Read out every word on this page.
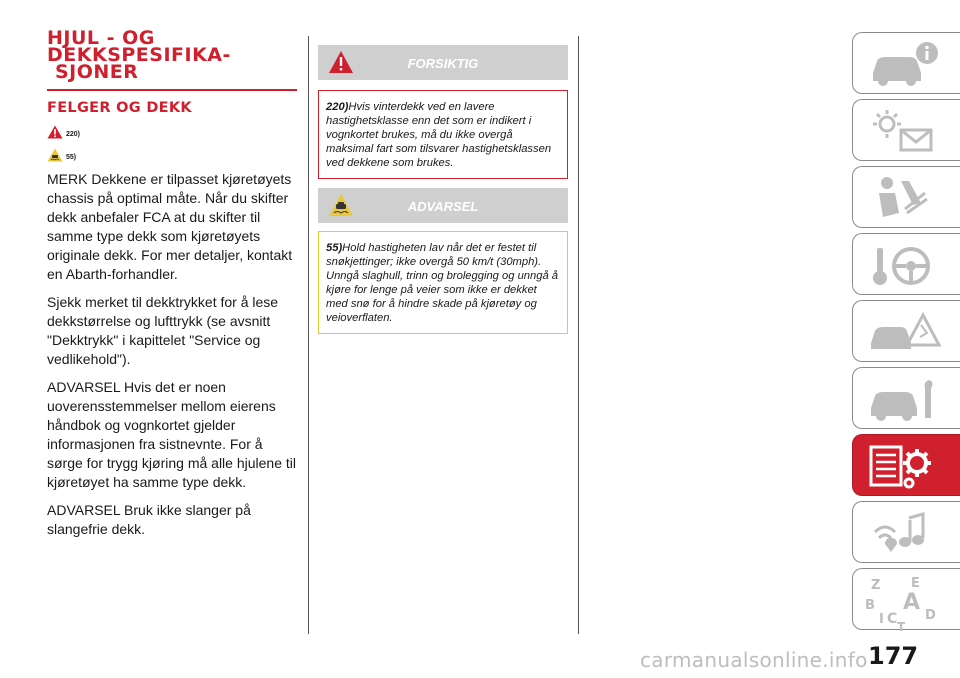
HJUL - OG
DEKKSPESIFIKA-
SJONER
FELGER OG DEKK
220)
55)

MERK Dekkene er tilpasset kjøretøyets chassis på optimal måte. Når du skifter dekk anbefaler FCA at du skifter til samme type dekk som kjøretøyets originale dekk. For mer detaljer, kontakt en Abarth-forhandler.

Sjekk merket til dekktrykket for å lese dekkstørrelse og lufttrykk (se avsnitt "Dekktrykk" i kapittelet "Service og vedlikehold").

ADVARSEL Hvis det er noen uoverensstemmelser mellom eierens håndbok og vognkortet gjelder informasjonen fra sistnevnte. For å sørge for trygg kjøring må alle hjulene til kjøretøyet ha samme type dekk.

ADVARSEL Bruk ikke slanger på slangefrie dekk.

FORSIKTIG
220)Hvis vinterdekk ved en lavere hastighetsklasse enn det som er indikert i vognkortet brukes, må du ikke overgå maksimal fart som tilsvarer hastighetsklassen ved dekkene som brukes.
ADVARSEL
55)Hold hastigheten lav når det er festet til snøkjettinger; ikke overgå 50 km/t (30mph). Unngå slaghull, trinn og brolegging og unngå å kjøre for lenge på veier som ikke er dekket med snø for å hindre skade på kjøretøy og veioverflaten.
Z E
B A
D
C T
I
carmanualsonline.info 177
